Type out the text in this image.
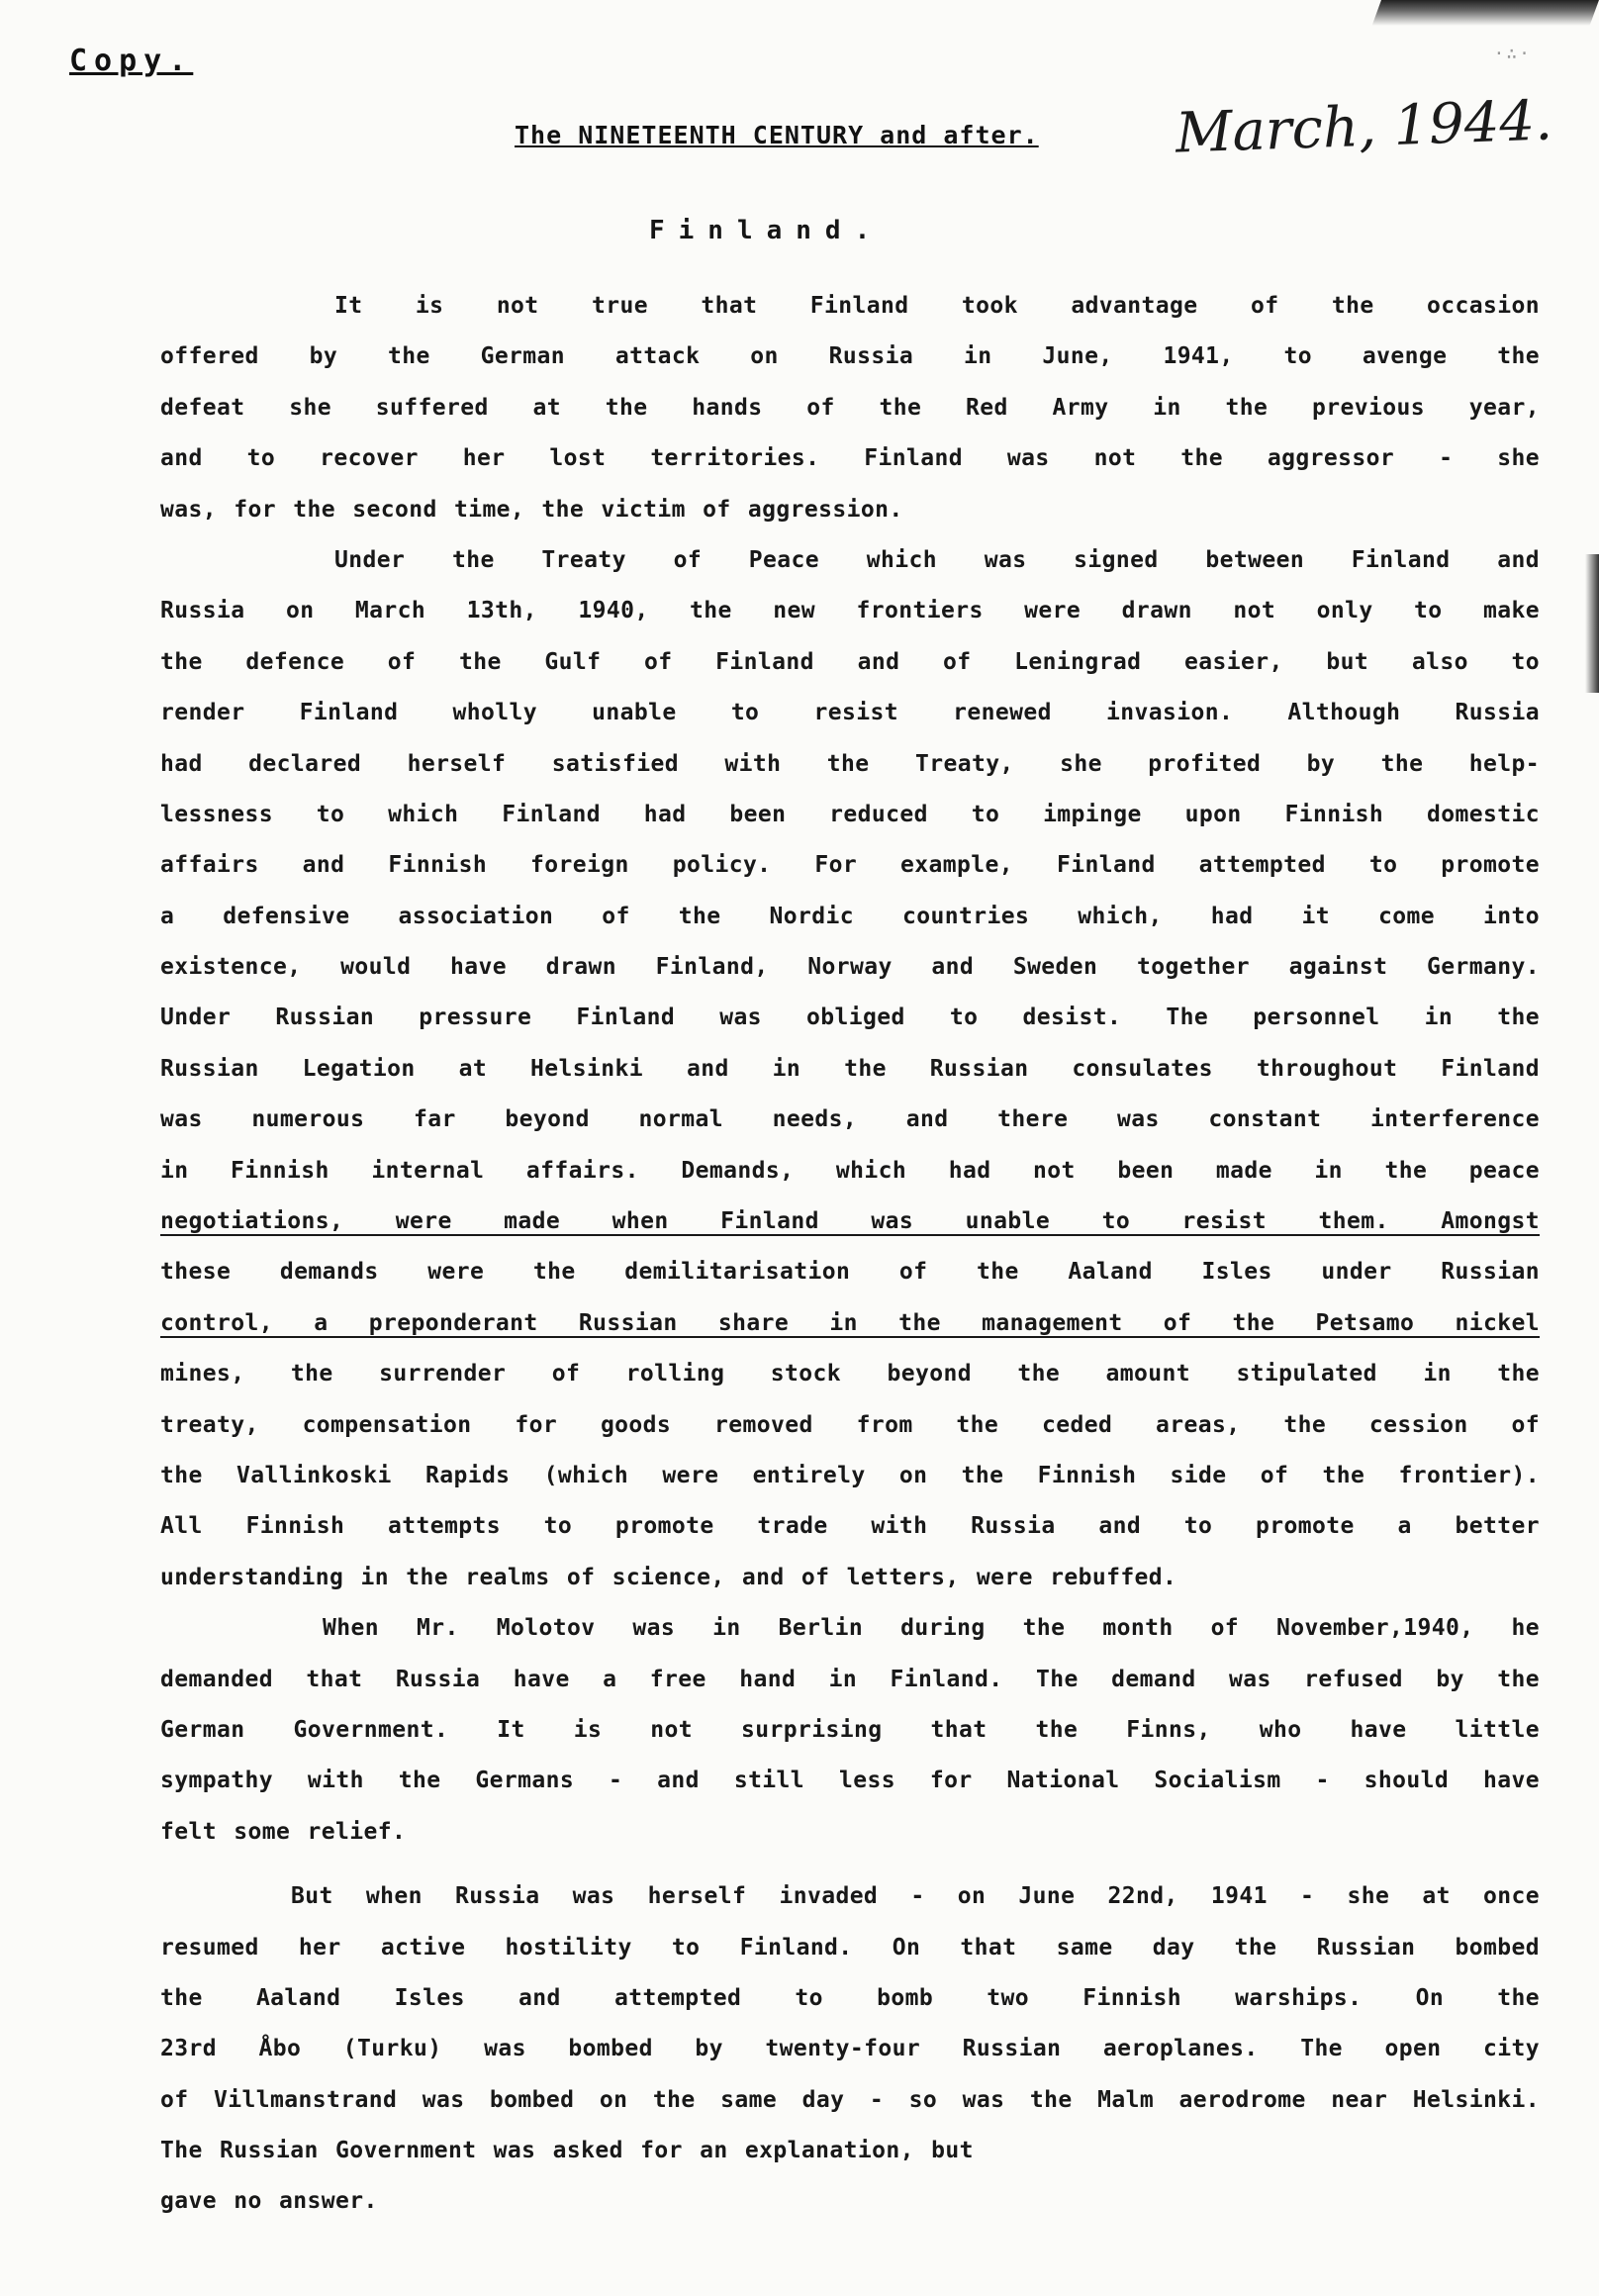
Copy.	·∴·
The NINETEENTH CENTURY and after. March, 1944.
Finland.
It is not true that Finland took advantage of the occasion
offered by the German attack on Russia in June, 1941, to avenge the
defeat she suffered at the hands of the Red Army in the previous year,
and to recover her lost territories. Finland was not the aggressor - she
was, for the second time, the victim of aggression.
Under the Treaty of Peace which was signed between Finland and
Russia on March 13th, 1940, the new frontiers were drawn not only to make
the defence of the Gulf of Finland and of Leningrad easier, but also to
render Finland wholly unable to resist renewed invasion. Although Russia
had declared herself satisfied with the Treaty, she profited by the help-
lessness to which Finland had been reduced to impinge upon Finnish domestic
affairs and Finnish foreign policy. For example, Finland attempted to promote
a defensive association of the Nordic countries which, had it come into
existence, would have drawn Finland, Norway and Sweden together against Germany.
Under Russian pressure Finland was obliged to desist. The personnel in the
Russian Legation at Helsinki and in the Russian consulates throughout Finland
was numerous far beyond normal needs, and there was constant interference
in Finnish internal affairs. Demands, which had not been made in the peace
negotiations, were made when Finland was unable to resist them. Amongst
these demands were the demilitarisation of the Aaland Isles under Russian
control, a preponderant Russian share in the management of the Petsamo nickel
mines, the surrender of rolling stock beyond the amount stipulated in the
treaty, compensation for goods removed from the ceded areas, the cession of
the Vallinkoski Rapids (which were entirely on the Finnish side of the frontier).
All Finnish attempts to promote trade with Russia and to promote a better
understanding in the realms of science, and of letters, were rebuffed.
When Mr. Molotov was in Berlin during the month of November,1940, he
demanded that Russia have a free hand in Finland. The demand was refused by the
German Government. It is not surprising that the Finns, who have little
sympathy with the Germans - and still less for National Socialism - should have
felt some relief.
But when Russia was herself invaded - on June 22nd, 1941 - she at once
resumed her active hostility to Finland. On that same day the Russian bombed
the Aaland Isles and attempted to bomb two Finnish warships. On the
23rd Åbo (Turku) was bombed by twenty-four Russian aeroplanes. The open city
of Villmanstrand was bombed on the same day - so was the Malm aerodrome near Helsinki.
The Russian Government was asked for an explanation, but
gave no answer.
